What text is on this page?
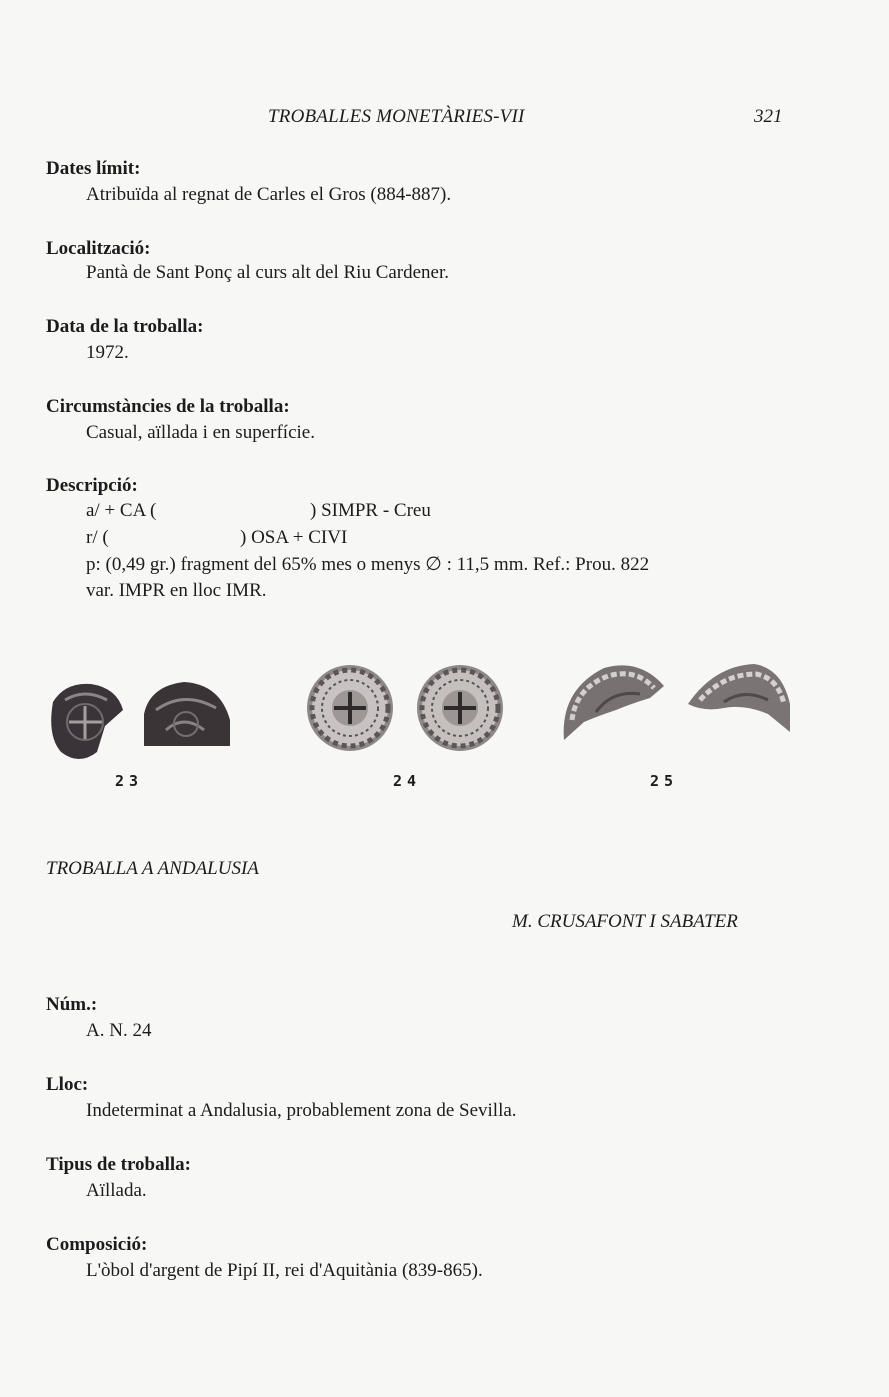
TROBALLES MONETÀRIES-VII	321
Dates límit:
Atribuïda al regnat de Carles el Gros (884-887).
Localització:
Pantà de Sant Ponç al curs alt del Riu Cardener.
Data de la troballa:
1972.
Circumstàncies de la troballa:
Casual, aïllada i en superfície.
Descripció:
a/ + CA (	) SIMPR - Creu
r/ (	) OSA + CIVI
p: (0,49 gr.) fragment del 65% mes o menys ∅ : 11,5 mm. Ref.: Prou. 822
var. IMPR en lloc IMR.
23	24	25
TROBALLA A ANDALUSIA
M. CRUSAFONT I SABATER
Núm.:
A. N. 24
Lloc:
Indeterminat a Andalusia, probablement zona de Sevilla.
Tipus de troballa:
Aïllada.
Composició:
L'òbol d'argent de Pipí II, rei d'Aquitània (839-865).
